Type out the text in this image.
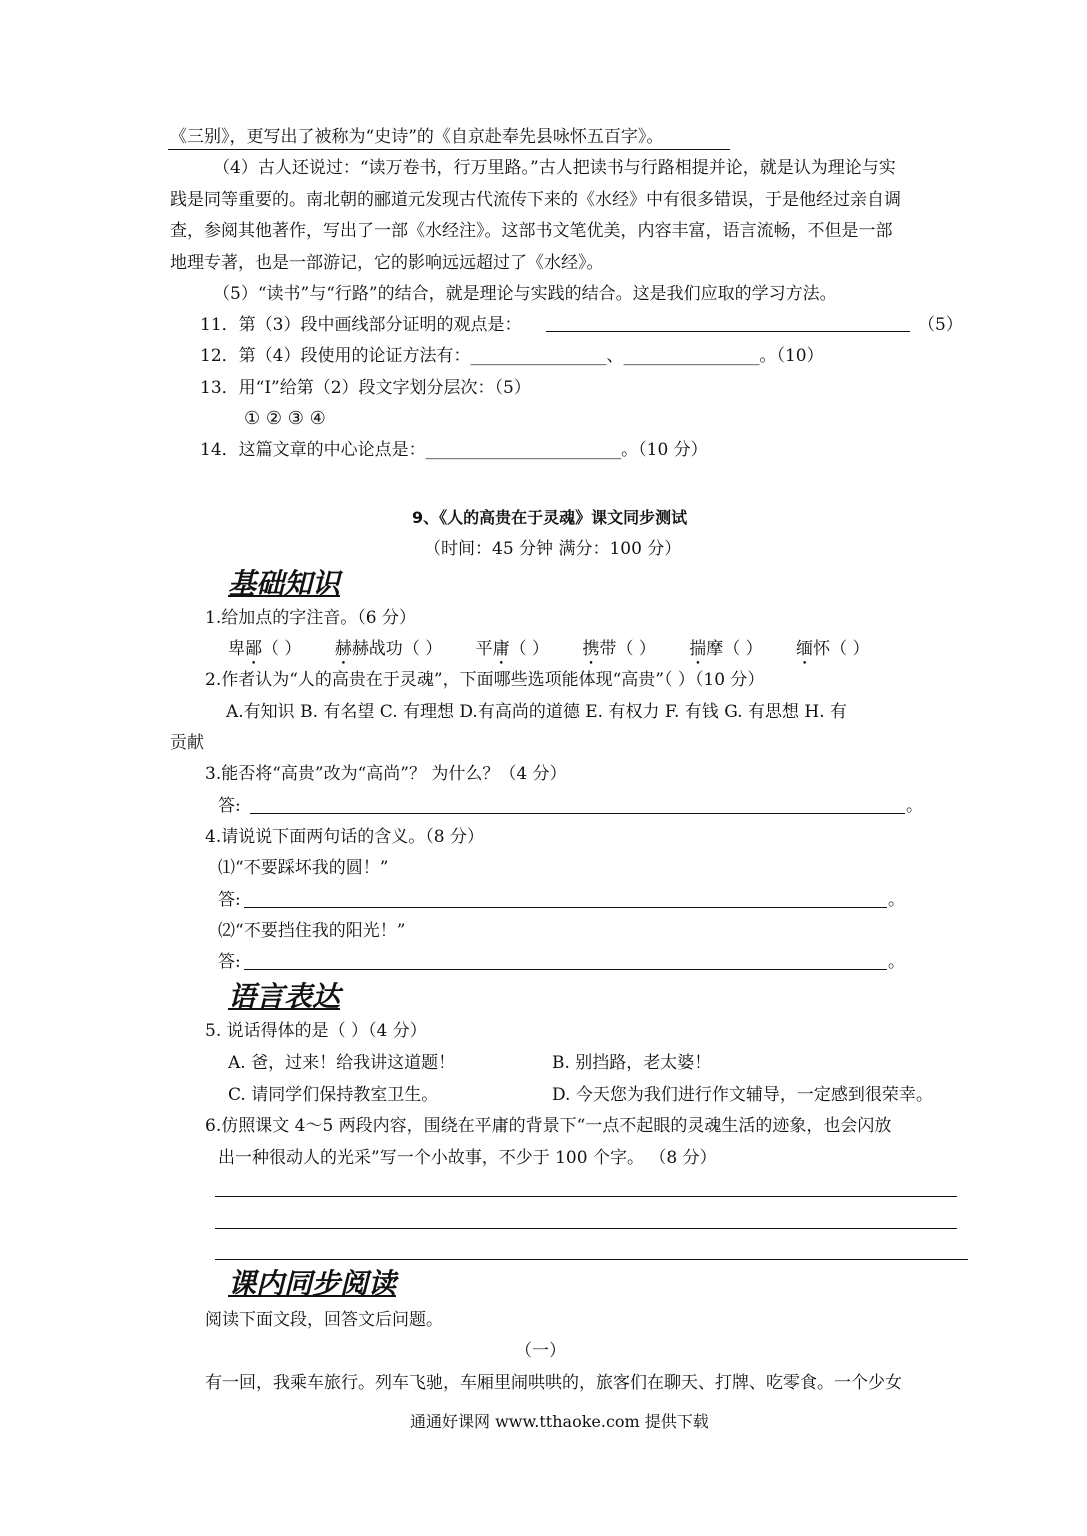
《三别》，更写出了被称为“史诗”的《自京赴奉先县咏怀五百字》。
（4）古人还说过：“读万卷书，行万里路。”古人把读书与行路相提并论，就是认为理论与实
践是同等重要的。南北朝的郦道元发现古代流传下来的《水经》中有很多错误，于是他经过亲自调
查，参阅其他著作，写出了一部《水经注》。这部书文笔优美，内容丰富，语言流畅，不但是一部
地理专著，也是一部游记，它的影响远远超过了《水经》。
（5）“读书”与“行路”的结合，就是理论与实践的结合。这是我们应取的学习方法。
11．第（3）段中画线部分证明的观点是：	（5）
12．第（4）段使用的论证方法有：________________、________________。（10）
13．用“Ⅰ”给第（2）段文字划分层次：（5）
① ② ③ ④
14．这篇文章的中心论点是：_______________________。（10 分）
9、《人的高贵在于灵魂》课文同步测试
（时间：45 分钟 满分：100 分）
基础知识
1.给加点的字注音。（6 分）
卑鄙（ ） 赫赫战功（ ） 平庸（ ） 携带（ ） 揣摩（ ） 缅怀（ ）
2.作者认为“人的高贵在于灵魂”，下面哪些选项能体现“高贵”（ ）（10 分）
A.有知识 B. 有名望 C. 有理想 D.有高尚的道德 E. 有权力 F. 有钱 G. 有思想 H. 有
贡献
3.能否将“高贵”改为“高尚”？ 为什么？（4 分）
答:	。
4.请说说下面两句话的含义。（8 分）
⑴“不要踩坏我的圆！”
答:	。
⑵“不要挡住我的阳光！”
答:	。
语言表达
5. 说话得体的是（ ）（4 分）
A. 爸，过来！给我讲这道题！	B. 别挡路，老太婆！
C. 请同学们保持教室卫生。	D. 今天您为我们进行作文辅导，一定感到很荣幸。
6.仿照课文 4～5 两段内容，围绕在平庸的背景下“一点不起眼的灵魂生活的迹象，也会闪放
出一种很动人的光采”写一个小故事，不少于 100 个字。 （8 分）
课内同步阅读
阅读下面文段，回答文后问题。
（一）
有一回，我乘车旅行。列车飞驰，车厢里闹哄哄的，旅客们在聊天、打牌、吃零食。一个少女
通通好课网 www.tthaoke.com 提供下载
